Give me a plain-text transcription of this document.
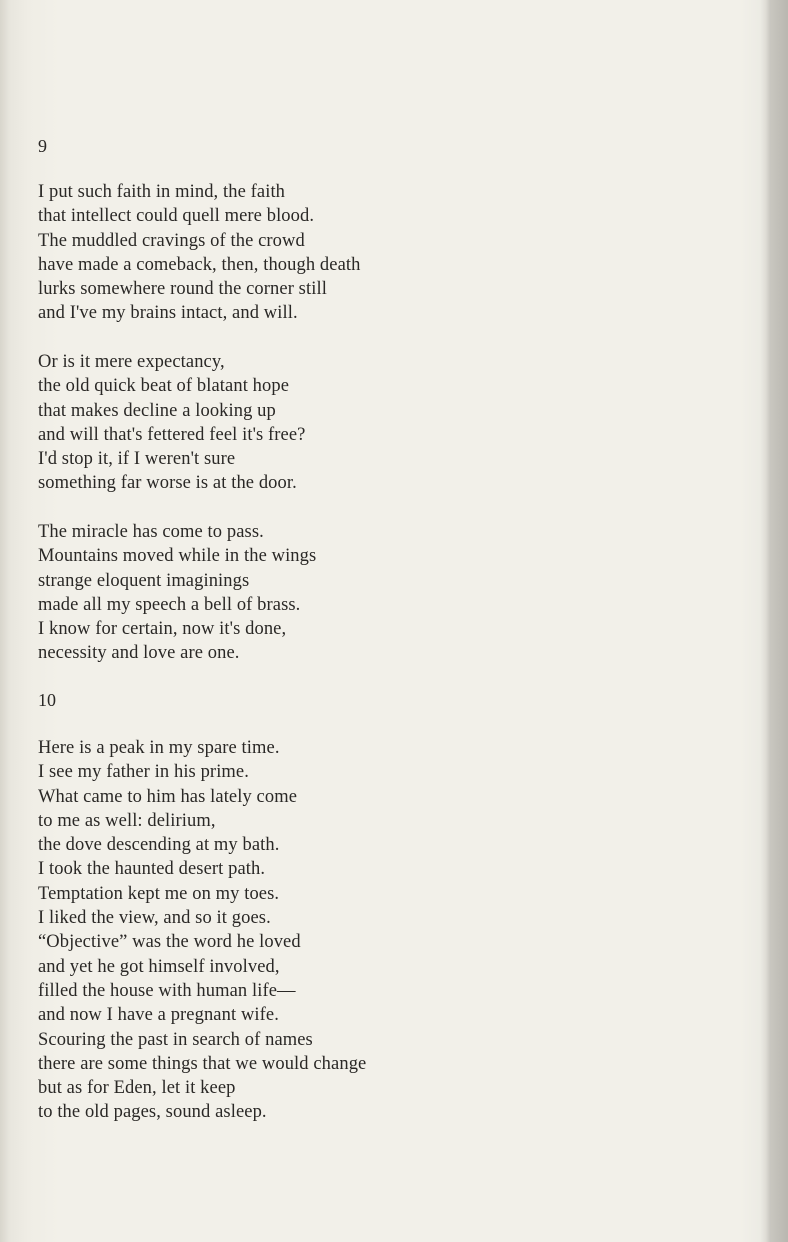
9
I put such faith in mind, the faith
that intellect could quell mere blood.
The muddled cravings of the crowd
have made a comeback, then, though death
lurks somewhere round the corner still
and I've my brains intact, and will.
Or is it mere expectancy,
the old quick beat of blatant hope
that makes decline a looking up
and will that's fettered feel it's free?
I'd stop it, if I weren't sure
something far worse is at the door.
The miracle has come to pass.
Mountains moved while in the wings
strange eloquent imaginings
made all my speech a bell of brass.
I know for certain, now it's done,
necessity and love are one.
10
Here is a peak in my spare time.
I see my father in his prime.
What came to him has lately come
to me as well: delirium,
the dove descending at my bath.
I took the haunted desert path.
Temptation kept me on my toes.
I liked the view, and so it goes.
“Objective” was the word he loved
and yet he got himself involved,
filled the house with human life—
and now I have a pregnant wife.
Scouring the past in search of names
there are some things that we would change
but as for Eden, let it keep
to the old pages, sound asleep.
